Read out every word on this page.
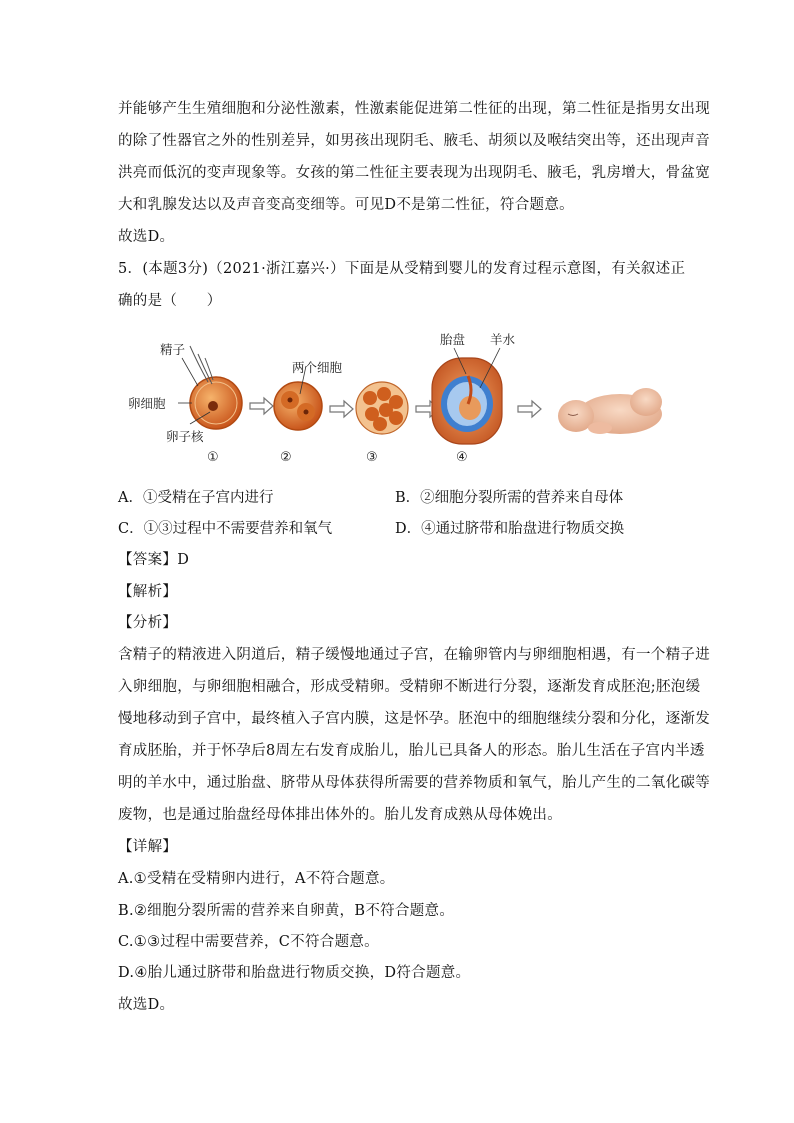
并能够产生生殖细胞和分泌性激素，性激素能促进第二性征的出现，第二性征是指男女出现
的除了性器官之外的性别差异，如男孩出现阴毛、腋毛、胡须以及喉结突出等，还出现声音
洪亮而低沉的变声现象等。女孩的第二性征主要表现为出现阴毛、腋毛，乳房增大，骨盆宽
大和乳腺发达以及声音变高变细等。可见D不是第二性征，符合题意。
故选D。
5．(本题3分)（2021·浙江嘉兴·）下面是从受精到婴儿的发育过程示意图，有关叙述正
确的是（　　）
精子
卵细胞
卵子核
①
两个细胞
②	③
胎盘 羊水
④
A．①受精在子宫内进行	B．②细胞分裂所需的营养来自母体
C．①③过程中不需要营养和氧气	D．④通过脐带和胎盘进行物质交换
【答案】D
【解析】
【分析】
含精子的精液进入阴道后，精子缓慢地通过子宫，在输卵管内与卵细胞相遇，有一个精子进
入卵细胞，与卵细胞相融合，形成受精卵。受精卵不断进行分裂，逐渐发育成胚泡;胚泡缓
慢地移动到子宫中，最终植入子宫内膜，这是怀孕。胚泡中的细胞继续分裂和分化，逐渐发
育成胚胎，并于怀孕后8周左右发育成胎儿，胎儿已具备人的形态。胎儿生活在子宫内半透
明的羊水中，通过胎盘、脐带从母体获得所需要的营养物质和氧气，胎儿产生的二氧化碳等
废物，也是通过胎盘经母体排出体外的。胎儿发育成熟从母体娩出。
【详解】
A.①受精在受精卵内进行，A不符合题意。
B.②细胞分裂所需的营养来自卵黄，B不符合题意。
C.①③过程中需要营养，C不符合题意。
D.④胎儿通过脐带和胎盘进行物质交换，D符合题意。
故选D。
